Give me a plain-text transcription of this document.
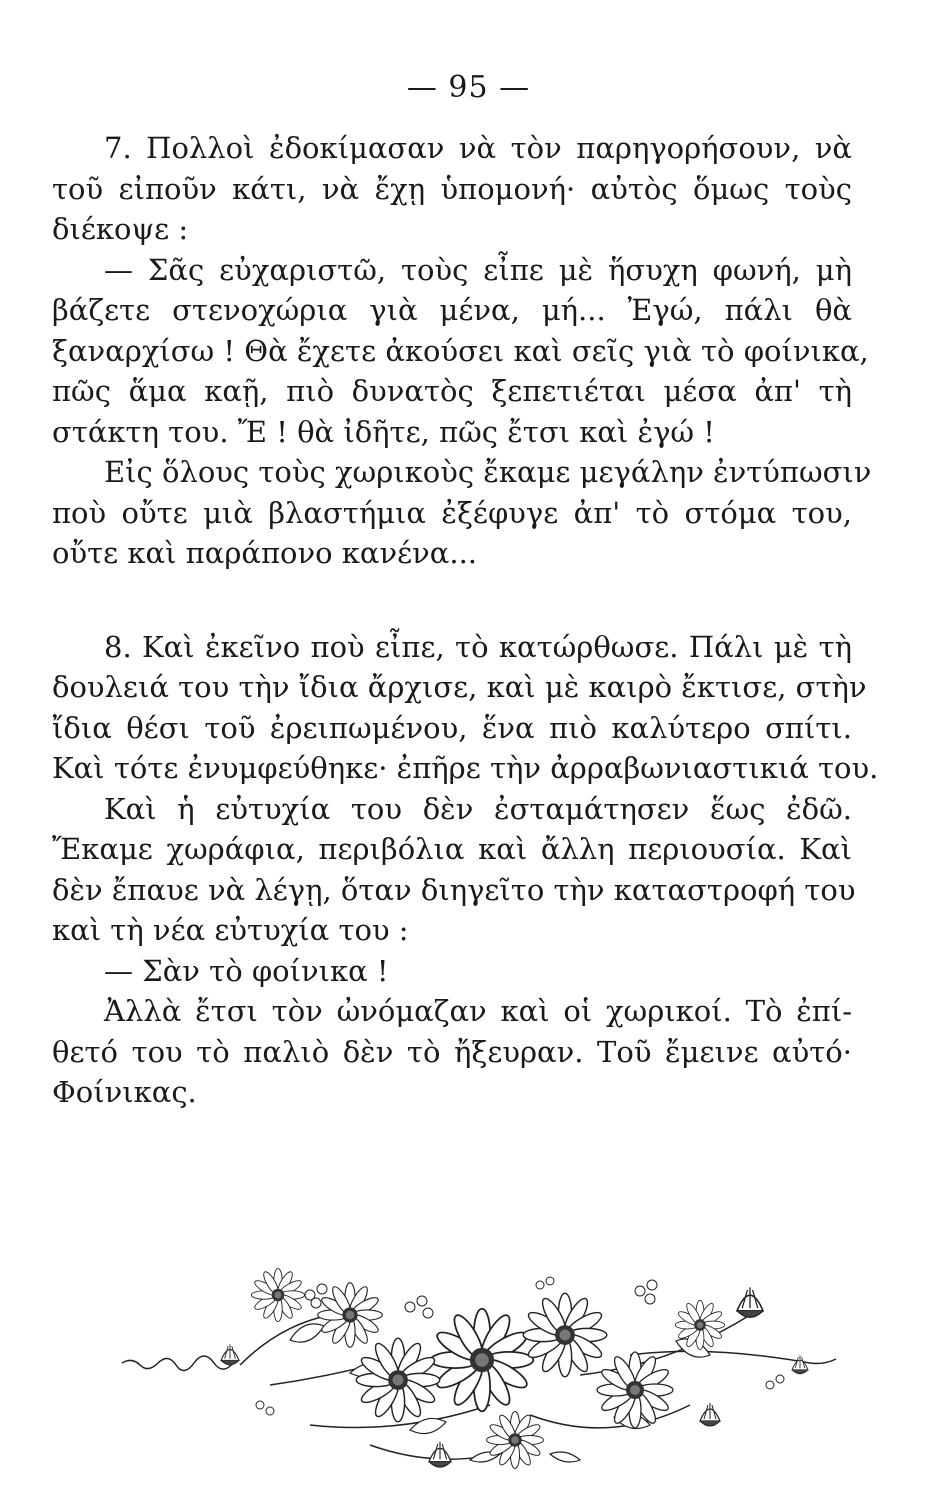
— 95 —
7. Πολλοὶ ἐδοκίμασαν νὰ τὸν παρηγορήσουν, νὰ
τοῦ εἰποῦν κάτι, νὰ ἔχῃ ὑπομονή· αὐτὸς ὅμως τοὺς
διέκοψε :
— Σᾶς εὐχαριστῶ, τοὺς εἶπε μὲ ἥσυχη φωνή, μὴ
βάζετε στενοχώρια γιὰ μένα, μή... Ἐγώ, πάλι θὰ
ξαναρχίσω ! Θὰ ἔχετε ἀκούσει καὶ σεῖς γιὰ τὸ φοίνικα,
πῶς ἅμα καῇ, πιὸ δυνατὸς ξεπετιέται μέσα ἀπ' τὴ
στάκτη του. Ἔ ! θὰ ἰδῆτε, πῶς ἔτσι καὶ ἐγώ !
Εἰς ὅλους τοὺς χωρικοὺς ἔκαμε μεγάλην ἐντύπωσιν
ποὺ οὔτε μιὰ βλαστήμια ἐξέφυγε ἀπ' τὸ στόμα του,
οὔτε καὶ παράπονο κανένα...
8. Καὶ ἐκεῖνο ποὺ εἶπε, τὸ κατώρθωσε. Πάλι μὲ τὴ
δουλειά του τὴν ἴδια ἄρχισε, καὶ μὲ καιρὸ ἔκτισε, στὴν
ἴδια θέσι τοῦ ἐρειπωμένου, ἕνα πιὸ καλύτερο σπίτι.
Καὶ τότε ἐνυμφεύθηκε· ἐπῆρε τὴν ἀρραβωνιαστικιά του.
Καὶ ἡ εὐτυχία του δὲν ἐσταμάτησεν ἕως ἐδῶ.
Ἔκαμε χωράφια, περιβόλια καὶ ἄλλη περιουσία. Καὶ
δὲν ἔπαυε νὰ λέγῃ, ὅταν διηγεῖτο τὴν καταστροφή του
καὶ τὴ νέα εὐτυχία του :
— Σὰν τὸ φοίνικα !
Ἀλλὰ ἔτσι τὸν ὠνόμαζαν καὶ οἱ χωρικοί. Τὸ ἐπί-
θετό του τὸ παλιὸ δὲν τὸ ἤξευραν. Τοῦ ἔμεινε αὐτό·
Φοίνικας.
